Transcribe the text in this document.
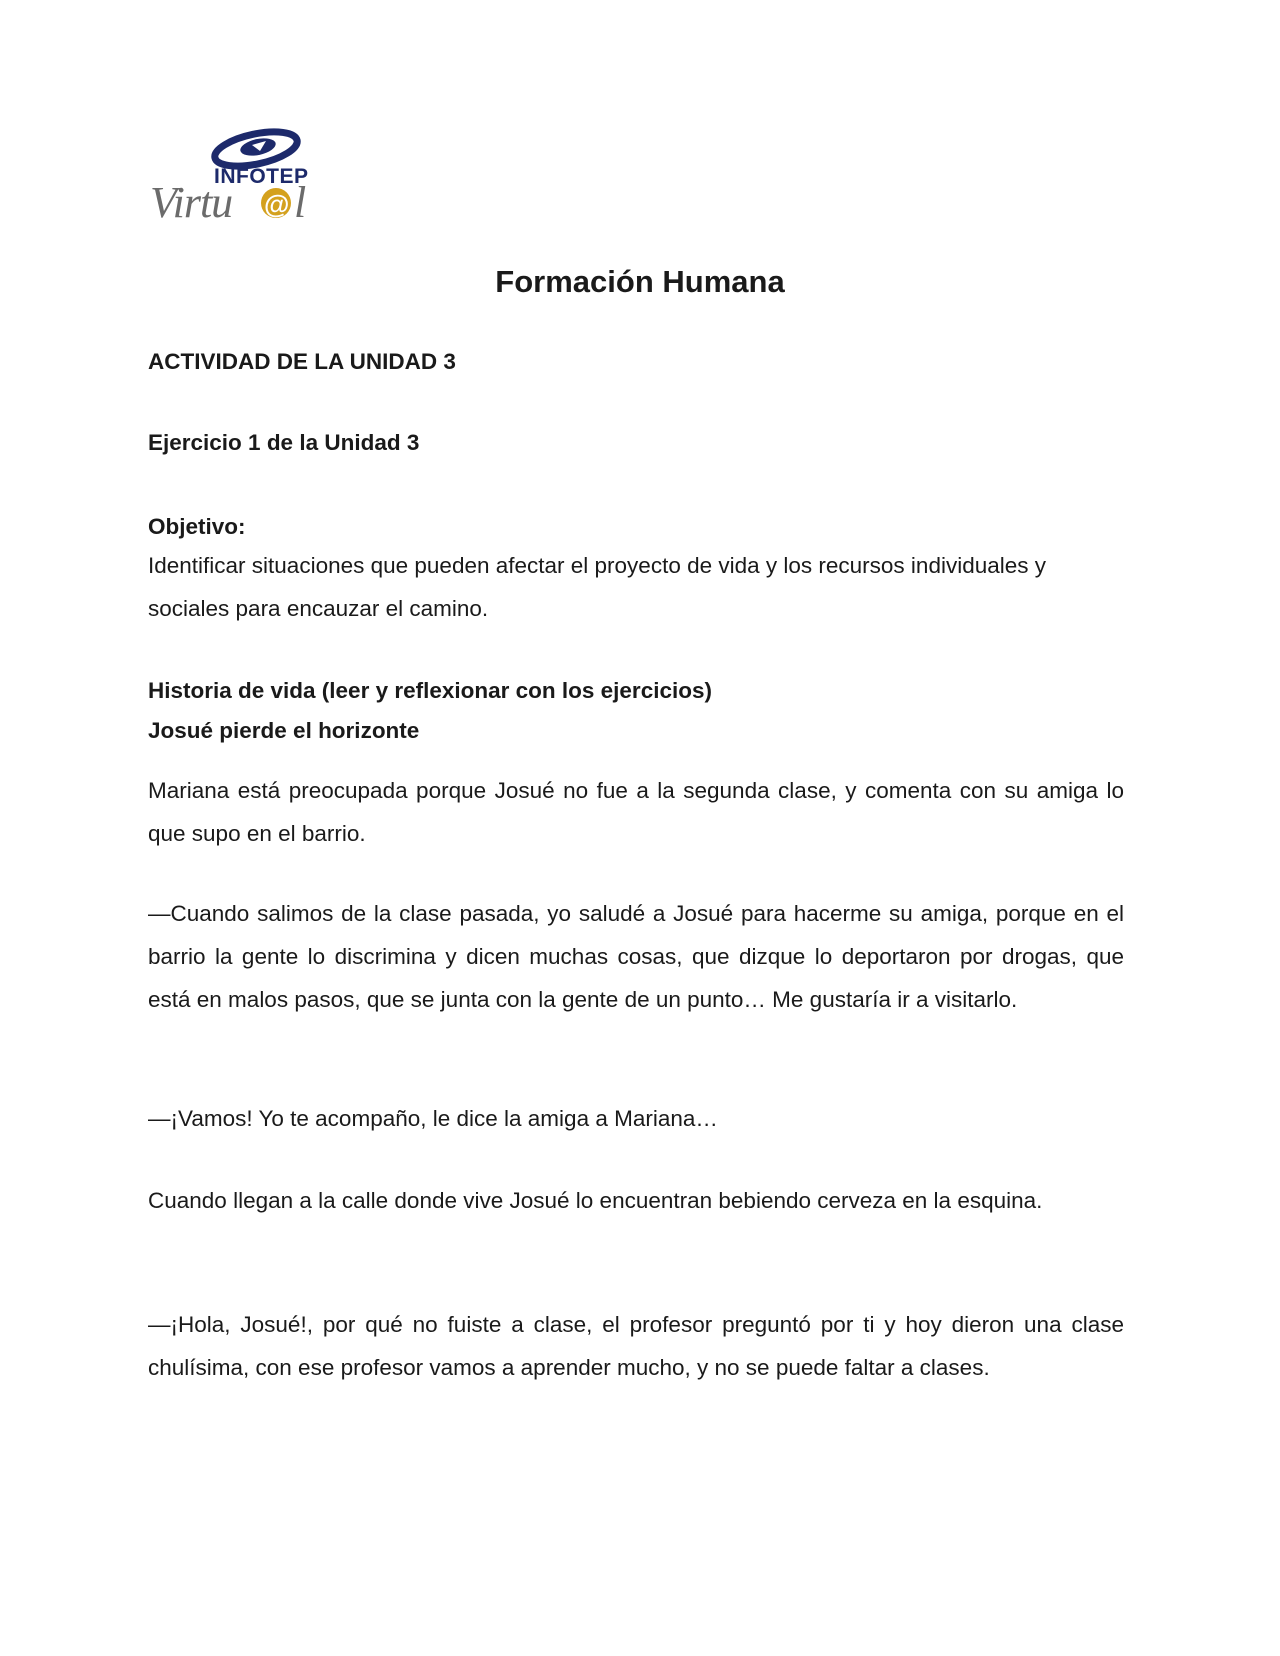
INFOTEP
Virtu @ l
Formación Humana

ACTIVIDAD DE LA UNIDAD 3

Ejercicio 1 de la Unidad 3

Objetivo:

Identificar situaciones que pueden afectar el proyecto de vida y los recursos individuales y sociales para encauzar el camino.

Historia de vida (leer y reflexionar con los ejercicios)

Josué pierde el horizonte

Mariana está preocupada porque Josué no fue a la segunda clase, y comenta con su amiga lo que supo en el barrio.

—Cuando salimos de la clase pasada, yo saludé a Josué para hacerme su amiga, porque en el barrio la gente lo discrimina y dicen muchas cosas, que dizque lo deportaron por drogas, que está en malos pasos, que se junta con la gente de un punto… Me gustaría ir a visitarlo.

—¡Vamos! Yo te acompaño, le dice la amiga a Mariana…

Cuando llegan a la calle donde vive Josué lo encuentran bebiendo cerveza en la esquina.

—¡Hola, Josué!, por qué no fuiste a clase, el profesor preguntó por ti y hoy dieron una clase chulísima, con ese profesor vamos a aprender mucho, y no se puede faltar a clases.
